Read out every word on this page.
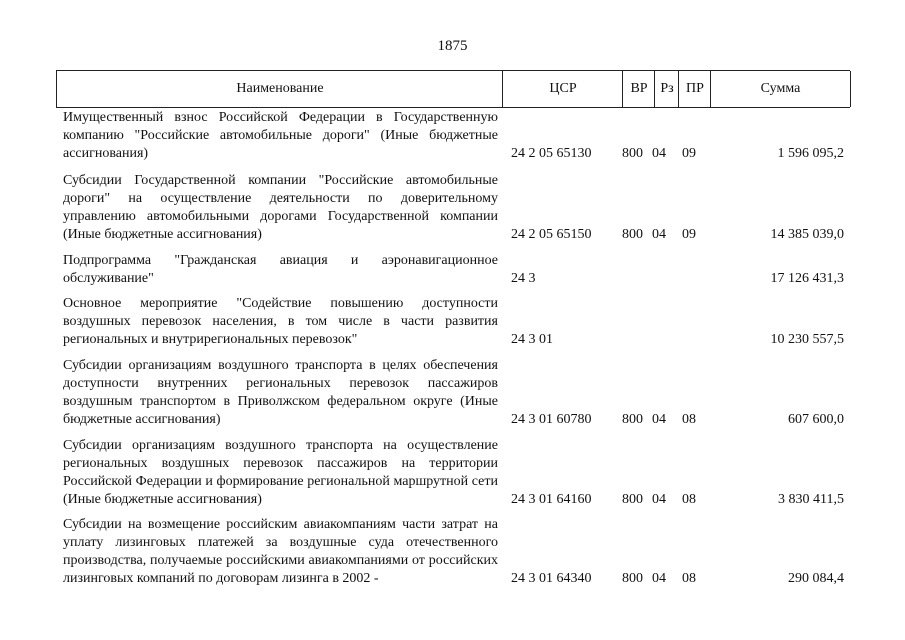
1875
Наименование	ЦСР	ВР Рз ПР	Сумма
Имущественный взнос Российской Федерации в Государственную компанию "Российские автомобильные дороги" (Иные бюджетные ассигнования)	24 2 05 65130 800 04 09	1 596 095,2
Субсидии Государственной компании "Российские автомобильные дороги" на осуществление деятельности по доверительному управлению автомобильными дорогами Государственной компании (Иные бюджетные ассигнования)	24 2 05 65150 800 04 09	14 385 039,0
Подпрограмма "Гражданская авиация и аэронавигационное обслуживание"	24 3	17 126 431,3
Основное мероприятие "Содействие повышению доступности воздушных перевозок населения, в том числе в части развития региональных и внутрирегиональных перевозок"	24 3 01	10 230 557,5
Субсидии организациям воздушного транспорта в целях обеспечения доступности внутренних региональных перевозок пассажиров воздушным транспортом в Приволжском федеральном округе (Иные бюджетные ассигнования)	24 3 01 60780 800 04 08	607 600,0
Субсидии организациям воздушного транспорта на осуществление региональных воздушных перевозок пассажиров на территории Российской Федерации и формирование региональной маршрутной сети (Иные бюджетные ассигнования)	24 3 01 64160 800 04 08	3 830 411,5
Субсидии на возмещение российским авиакомпаниям части затрат на уплату лизинговых платежей за воздушные суда отечественного производства, получаемые российскими авиакомпаниями от российских лизинговых компаний по договорам лизинга в 2002 -	24 3 01 64340 800 04 08	290 084,4
